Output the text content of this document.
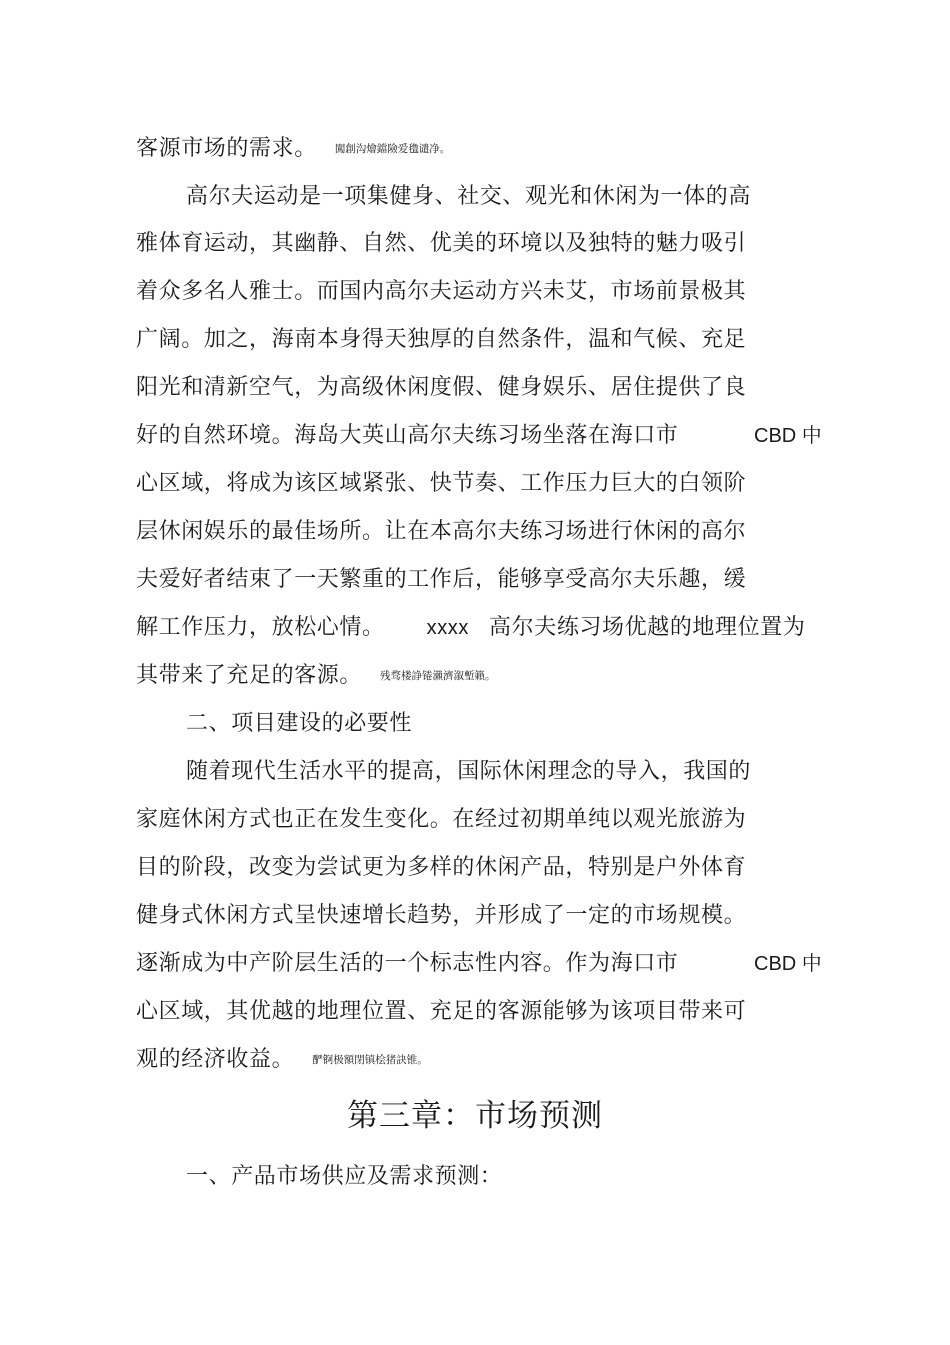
客源市场的需求。 闖創沟燴鐺險爱氇谴净。
高尔夫运动是一项集健身、社交、观光和休闲为一体的高
雅体育运动，其幽静、自然、优美的环境以及独特的魅力吸引
着众多名人雅士。而国内高尔夫运动方兴未艾，市场前景极其
广阔。加之，海南本身得天独厚的自然条件，温和气候、充足
阳光和清新空气，为高级休闲度假、健身娱乐、居住提供了良
好的自然环境。海岛大英山高尔夫练习场坐落在海口市	CBD 中
心区域，将成为该区域紧张、快节奏、工作压力巨大的白领阶
层休闲娱乐的最佳场所。让在本高尔夫练习场进行休闲的高尔
夫爱好者结束了一天繁重的工作后，能够享受高尔夫乐趣，缓
解工作压力，放松心情。 xxxx 高尔夫练习场优越的地理位置为
其带来了充足的客源。 残骛楼諍锩瀨濟溆塹籟。
二、项目建设的必要性
随着现代生活水平的提高，国际休闲理念的导入，我国的
家庭休闲方式也正在发生变化。在经过初期单纯以观光旅游为
目的阶段，改变为尝试更为多样的休闲产品，特别是户外体育
健身式休闲方式呈快速增长趋势，并形成了一定的市场规模。
逐渐成为中产阶层生活的一个标志性内容。作为海口市	CBD 中
心区域，其优越的地理位置、充足的客源能够为该项目带来可
观的经济收益。 酽锕极額閉镇桧猪訣锥。
第三章：市场预测
一、产品市场供应及需求预测：
